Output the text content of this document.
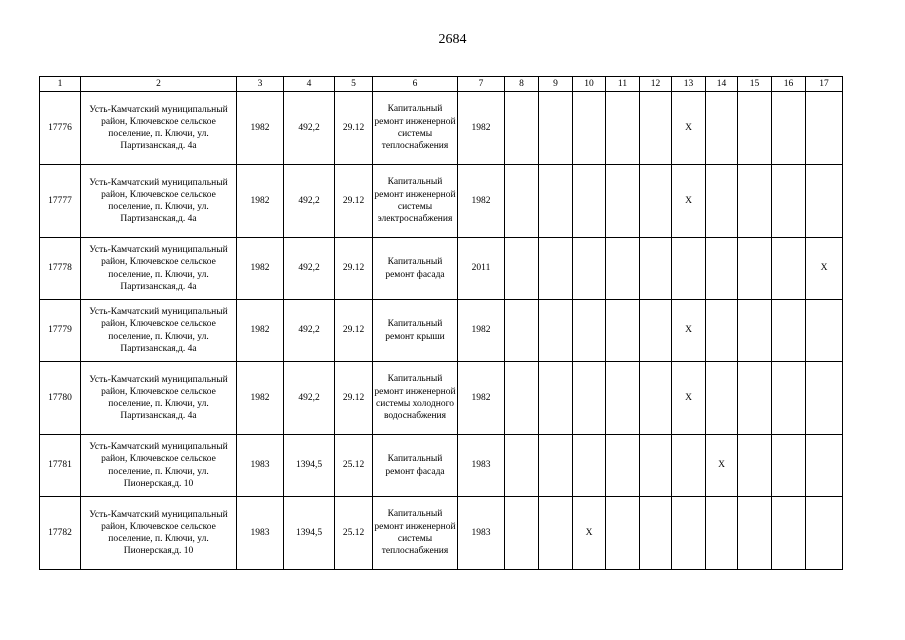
2684
1	2	3	4	5	6	7	8	9	10	11	12	13	14	15	16	17
17776	Усть-Камчатский муниципальный район, Ключевское сельское поселение, п. Ключи, ул. Партизанская,д. 4а	1982	492,2	29.12	Капитальный ремонт инженерной системы теплоснабжения	1982						X				
17777	Усть-Камчатский муниципальный район, Ключевское сельское поселение, п. Ключи, ул. Партизанская,д. 4а	1982	492,2	29.12	Капитальный ремонт инженерной системы электроснабжения	1982						X				
17778	Усть-Камчатский муниципальный район, Ключевское сельское поселение, п. Ключи, ул. Партизанская,д. 4а	1982	492,2	29.12	Капитальный ремонт фасада	2011										X
17779	Усть-Камчатский муниципальный район, Ключевское сельское поселение, п. Ключи, ул. Партизанская,д. 4а	1982	492,2	29.12	Капитальный ремонт крыши	1982						X				
17780	Усть-Камчатский муниципальный район, Ключевское сельское поселение, п. Ключи, ул. Партизанская,д. 4а	1982	492,2	29.12	Капитальный ремонт инженерной системы холодного водоснабжения	1982						X				
17781	Усть-Камчатский муниципальный район, Ключевское сельское поселение, п. Ключи, ул. Пионерская,д. 10	1983	1394,5	25.12	Капитальный ремонт фасада	1983							X			
17782	Усть-Камчатский муниципальный район, Ключевское сельское поселение, п. Ключи, ул. Пионерская,д. 10	1983	1394,5	25.12	Капитальный ремонт инженерной системы теплоснабжения	1983			X							
